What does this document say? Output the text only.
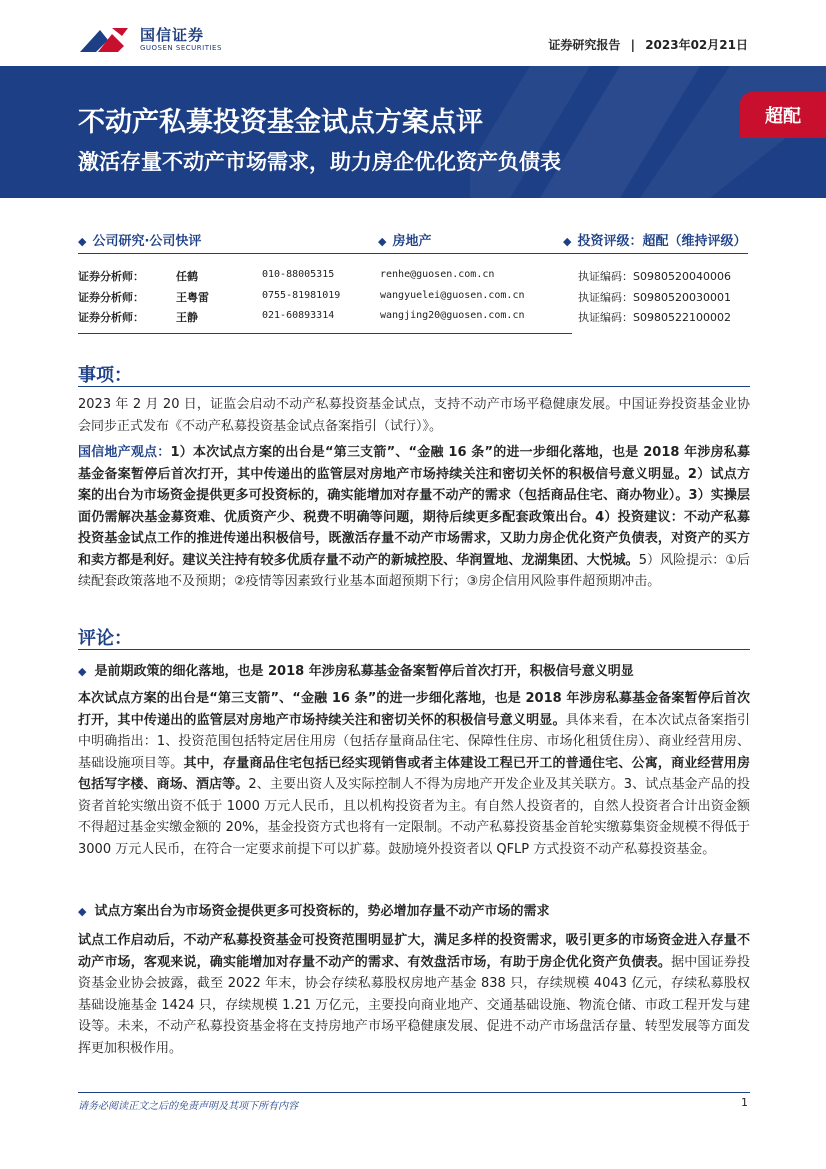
国信证券
GUOSEN SECURITIES	证券研究报告 | 2023年02月21日
不动产私募投资基金试点方案点评
激活存量不动产市场需求，助力房企优化资产负债表
超配
◆ 公司研究·公司快评	◆ 房地产	◆ 投资评级：超配（维持评级）
证券分析师：	任鹤	010-88005315	renhe@guosen.com.cn	执证编码：S0980520040006
证券分析师：	王粤雷	0755-81981019	wangyuelei@guosen.com.cn	执证编码：S0980520030001
证券分析师：	王静	021-60893314	wangjing20@guosen.com.cn	执证编码：S0980522100002
事项：
2023 年 2 月 20 日，证监会启动不动产私募投资基金试点，支持不动产市场平稳健康发展。中国证券投资基金业协会同步正式发布《不动产私募投资基金试点备案指引（试行）》。
国信地产观点：1）本次试点方案的出台是“第三支箭”、“金融 16 条”的进一步细化落地，也是 2018 年涉房私募基金备案暂停后首次打开，其中传递出的监管层对房地产市场持续关注和密切关怀的积极信号意义明显。2）试点方案的出台为市场资金提供更多可投资标的，确实能增加对存量不动产的需求（包括商品住宅、商办物业）。3）实操层面仍需解决基金募资难、优质资产少、税费不明确等问题，期待后续更多配套政策出台。4）投资建议：不动产私募投资基金试点工作的推进传递出积极信号，既激活存量不动产市场需求，又助力房企优化资产负债表，对资产的买方和卖方都是利好。建议关注持有较多优质存量不动产的新城控股、华润置地、龙湖集团、大悦城。5）风险提示：①后续配套政策落地不及预期；②疫情等因素致行业基本面超预期下行；③房企信用风险事件超预期冲击。
评论：
◆ 是前期政策的细化落地，也是 2018 年涉房私募基金备案暂停后首次打开，积极信号意义明显
本次试点方案的出台是“第三支箭”、“金融 16 条”的进一步细化落地，也是 2018 年涉房私募基金备案暂停后首次打开，其中传递出的监管层对房地产市场持续关注和密切关怀的积极信号意义明显。具体来看，在本次试点备案指引中明确指出：1、投资范围包括特定居住用房（包括存量商品住宅、保障性住房、市场化租赁住房）、商业经营用房、基础设施项目等。其中，存量商品住宅包括已经实现销售或者主体建设工程已开工的普通住宅、公寓，商业经营用房包括写字楼、商场、酒店等。2、主要出资人及实际控制人不得为房地产开发企业及其关联方。3、试点基金产品的投资者首轮实缴出资不低于 1000 万元人民币，且以机构投资者为主。有自然人投资者的，自然人投资者合计出资金额不得超过基金实缴金额的 20%，基金投资方式也将有一定限制。不动产私募投资基金首轮实缴募集资金规模不得低于 3000 万元人民币，在符合一定要求前提下可以扩募。鼓励境外投资者以 QFLP 方式投资不动产私募投资基金。
◆ 试点方案出台为市场资金提供更多可投资标的，势必增加存量不动产市场的需求
试点工作启动后，不动产私募投资基金可投资范围明显扩大，满足多样的投资需求，吸引更多的市场资金进入存量不动产市场，客观来说，确实能增加对存量不动产的需求、有效盘活市场，有助于房企优化资产负债表。据中国证券投资基金业协会披露，截至 2022 年末，协会存续私募股权房地产基金 838 只，存续规模 4043 亿元，存续私募股权基础设施基金 1424 只，存续规模 1.21 万亿元，主要投向商业地产、交通基础设施、物流仓储、市政工程开发与建设等。未来，不动产私募投资基金将在支持房地产市场平稳健康发展、促进不动产市场盘活存量、转型发展等方面发挥更加积极作用。
请务必阅读正文之后的免责声明及其项下所有内容	1
